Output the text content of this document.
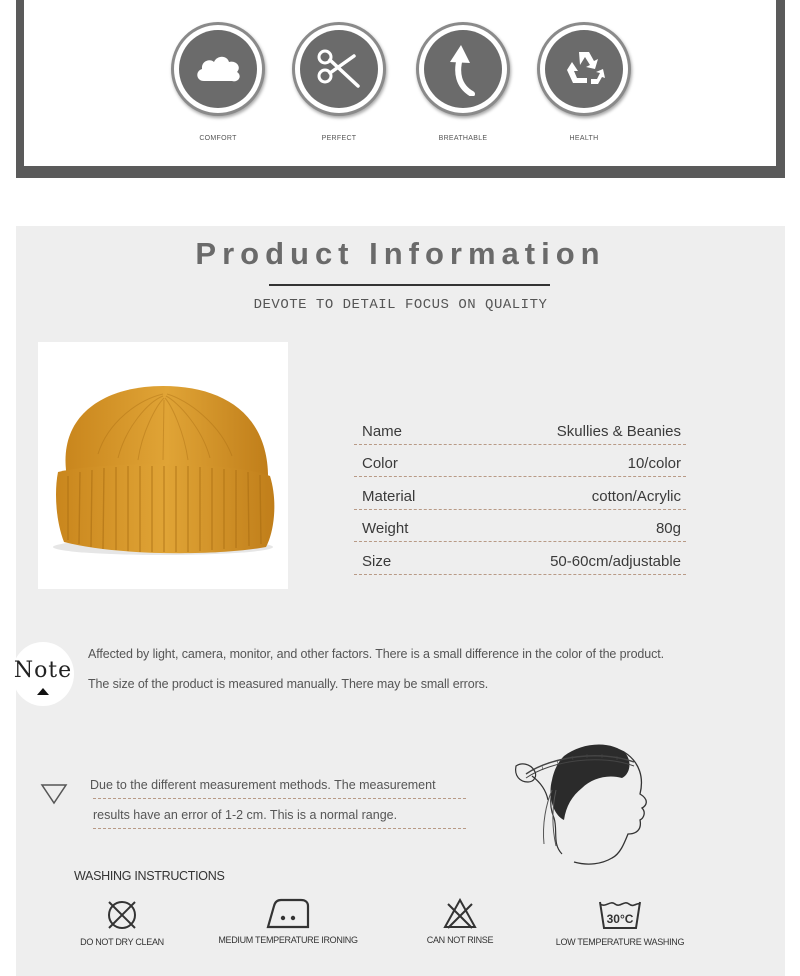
COMFORT	PERFECT	BREATHABLE	HEALTH
Product Information
DEVOTE TO DETAIL FOCUS ON QUALITY
Name	Skullies & Beanies
Color	10/color
Material	cotton/Acrylic
Weight	80g
Size	50-60cm/adjustable
Note
Affected by light, camera, monitor, and other factors. There is a small difference in the color of the product.
The size of the product is measured manually. There may be small errors.
Due to the different measurement methods. The measurement
results have an error of 1-2 cm. This is a normal range.
WASHING INSTRUCTIONS
DO NOT DRY CLEAN	MEDIUM TEMPERATURE IRONING	CAN NOT RINSE
30°C
LOW TEMPERATURE WASHING
